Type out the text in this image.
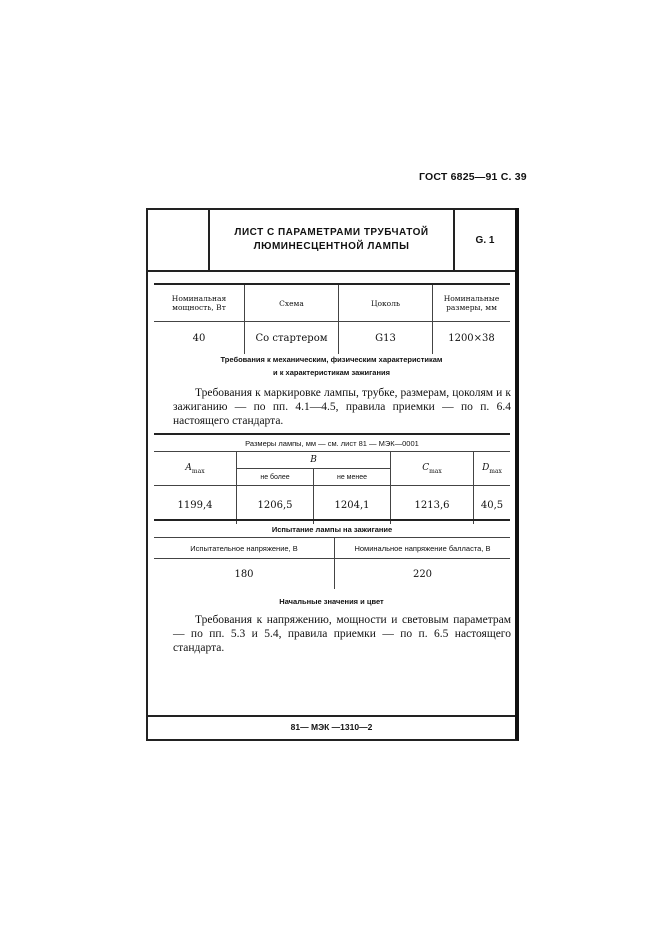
ГОСТ 6825—91 С. 39
ЛИСТ С ПАРАМЕТРАМИ ТРУБЧАТОЙ
ЛЮМИНЕСЦЕНТНОЙ ЛАМПЫ
G. 1
Номинальная мощность, Вт	Схема	Цоколь	Номинальные размеры, мм
40	Со стартером	G13	1200×38
Требования к механическим, физическим характеристикам
и к характеристикам зажигания
Требования к маркировке лампы, трубке, размерам, цоколям и к зажиганию — по пп. 4.1—4.5, правила приемки — по п. 6.4 настоящего стандарта.
Размеры лампы, мм — см. лист 81 — МЭК—0001				
$A_{max}$	B		$C_{max}$	$D_{max}$
	не более	не менее		
1199,4	1206,5	1204,1	1213,6	40,5
Испытание лампы на зажигание	
Испытательное напряжение, В	Номинальное напряжение балласта, В
180	220
Начальные значения и цвет
Требования к напряжению, мощности и световым параметрам — по пп. 5.3 и 5.4, правила приемки — по п. 6.5 настоящего стандарта.
81— МЭК —1310—2
